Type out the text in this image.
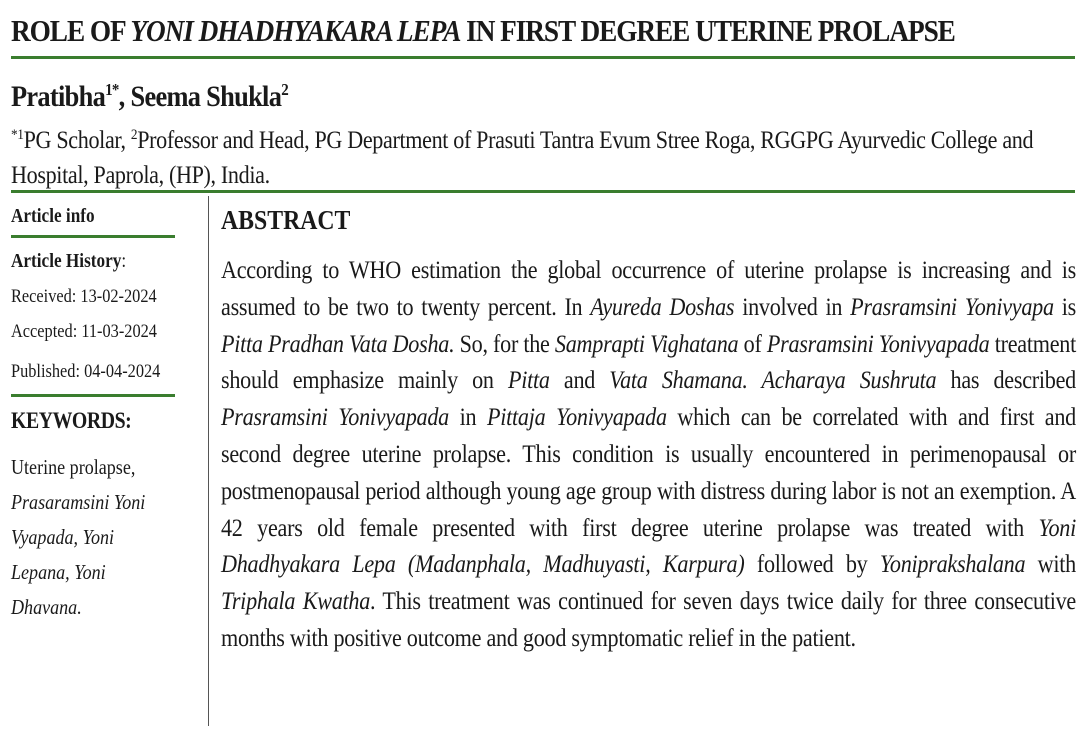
ROLE OF YONI DHADHYAKARA LEPA IN FIRST DEGREE UTERINE PROLAPSE
Pratibha$^{1*}$, Seema Shukla$^2$
$^{*1}$PG Scholar, $^2$Professor and Head, PG Department of Prasuti Tantra Evum Stree Roga, RGGPG Ayurvedic College and Hospital, Paprola, (HP), India.
Article info
Article History:
Received: 13-02-2024
Accepted: 11-03-2024
Published: 04-04-2024
KEYWORDS:
Uterine prolapse, Prasaramsini Yoni Vyapada, Yoni Lepana, Yoni Dhavana.
ABSTRACT
According to WHO estimation the global occurrence of uterine prolapse is increasing and is assumed to be two to twenty percent. In Ayureda Doshas involved in Prasramsini Yonivyapa is Pitta Pradhan Vata Dosha. So, for the Samprapti Vighatana of Prasramsini Yonivyapada treatment should emphasize mainly on Pitta and Vata Shamana. Acharaya Sushruta has described Prasramsini Yonivyapada in Pittaja Yonivyapada which can be correlated with and first and second degree uterine prolapse. This condition is usually encountered in perimenopausal or postmenopausal period although young age group with distress during labor is not an exemption. A 42 years old female presented with first degree uterine prolapse was treated with Yoni Dhadhyakara Lepa (Madanphala, Madhuyasti, Karpura) followed by Yoniprakshalana with Triphala Kwatha. This treatment was continued for seven days twice daily for three consecutive months with positive outcome and good symptomatic relief in the patient.
